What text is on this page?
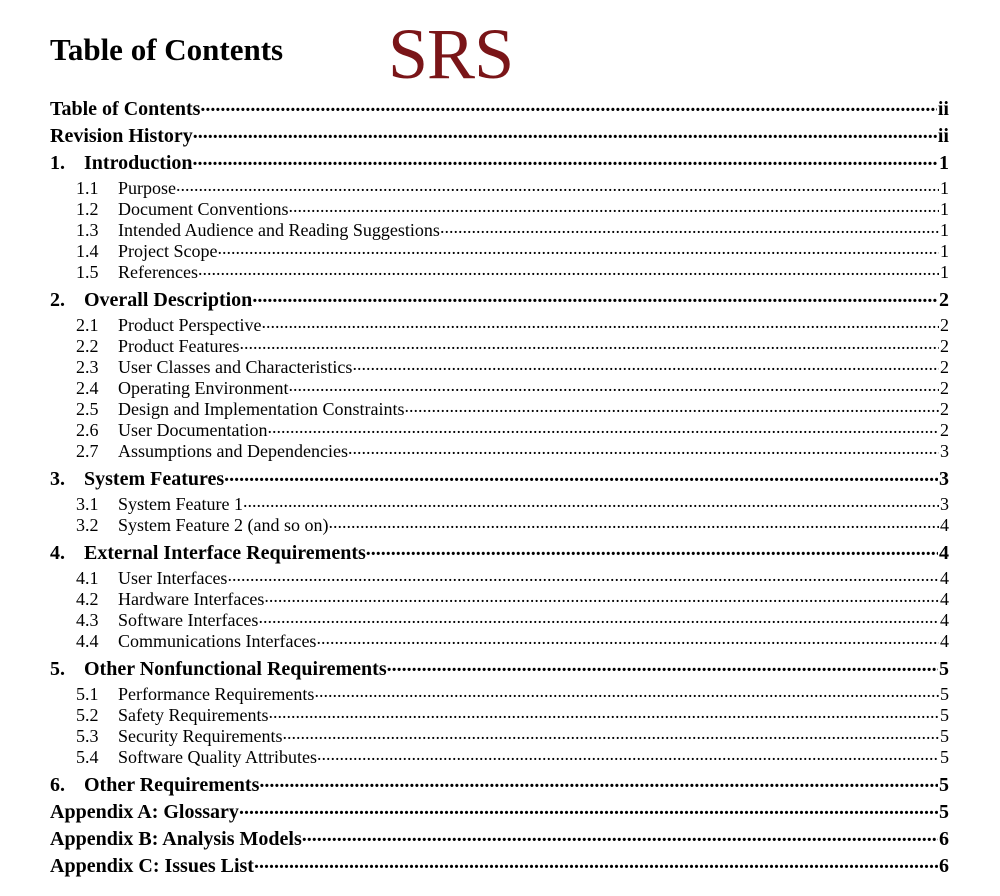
Table of Contents SRS
Table of Contents .....	ii
Revision History .....	ii
1. Introduction .....	1
1.1	Purpose .....	1
1.2	Document Conventions .....	1
1.3	Intended Audience and Reading Suggestions .....	1
1.4	Project Scope .....	1
1.5	References .....	1
2. Overall Description .....	2
2.1	Product Perspective .....	2
2.2	Product Features .....	2
2.3	User Classes and Characteristics .....	2
2.4	Operating Environment .....	2
2.5	Design and Implementation Constraints .....	2
2.6	User Documentation .....	2
2.7	Assumptions and Dependencies .....	3
3. System Features .....	3
3.1	System Feature 1 .....	3
3.2	System Feature 2 (and so on) .....	4
4. External Interface Requirements .....	4
4.1	User Interfaces .....	4
4.2	Hardware Interfaces .....	4
4.3	Software Interfaces .....	4
4.4	Communications Interfaces .....	4
5. Other Nonfunctional Requirements .....	5
5.1	Performance Requirements .....	5
5.2	Safety Requirements .....	5
5.3	Security Requirements .....	5
5.4	Software Quality Attributes .....	5
6. Other Requirements .....	5
Appendix A: Glossary .....	5
Appendix B: Analysis Models .....	6
Appendix C: Issues List .....	6
